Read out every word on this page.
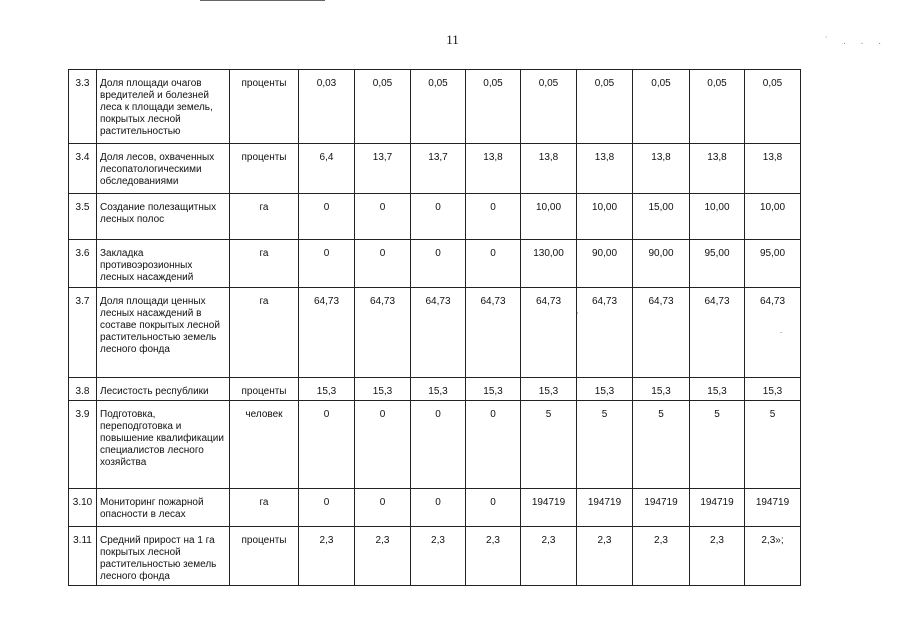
11	˙ . . .
3.3	Доля площади очагов вредителей и болезней леса к площади земель, покрытых лесной растительностью	проценты	0,03	0,05	0,05	0,05	0,05	0,05	0,05	0,05	0,05
3.4	Доля лесов, охваченных лесопатологическими обследованиями	проценты	6,4	13,7	13,7	13,8	13,8	13,8	13,8	13,8	13,8
3.5	Создание полезащитных лесных полос	га	0	0	0	0	10,00	10,00	15,00	10,00	10,00
3.6	Закладка противоэрозионных лесных насаждений	га	0	0	0	0	130,00	90,00	90,00	95,00	95,00
3.7	Доля площади ценных лесных насаждений в составе покрытых лесной растительностью земель лесного фонда	га	64,73	64,73	64,73	64,73	64,73	64,73	64,73	64,73	64,73
3.8	Лесистость республики	проценты	15,3	15,3	15,3	15,3	15,3	15,3	15,3	15,3	15,3
3.9	Подготовка, переподготовка и повышение квалификации специалистов лесного хозяйства	человек	0	0	0	0	5	5	5	5	5
3.10	Мониторинг пожарной опасности в лесах	га	0	0	0	0	194719	194719	194719	194719	194719
3.11	Средний прирост на 1 га покрытых лесной растительностью земель лесного фонда	проценты	2,3	2,3	2,3	2,3	2,3	2,3	2,3	2,3	2,3»;
,
.
